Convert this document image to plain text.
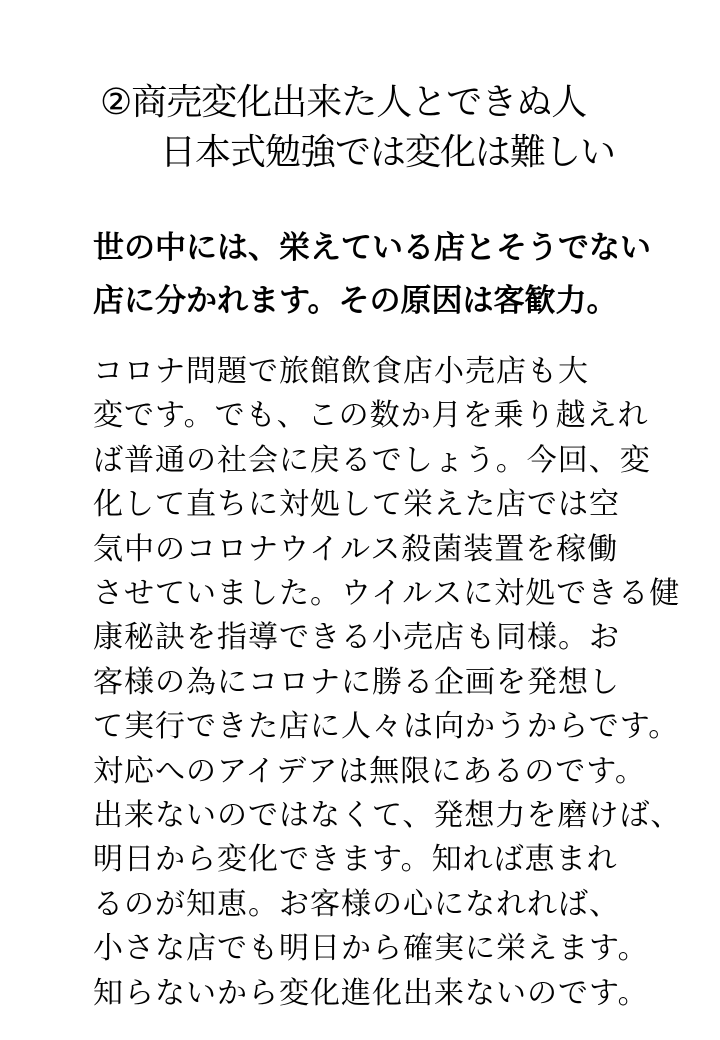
②商売変化出来た人とできぬ人
日本式勉強では変化は難しい
世の中には、栄えている店とそうでない
店に分かれます。その原因は客歓力。
コロナ問題で旅館飲食店小売店も大
変です。でも、この数か月を乗り越えれ
ば普通の社会に戻るでしょう。今回、変
化して直ちに対処して栄えた店では空
気中のコロナウイルス殺菌装置を稼働
させていました。ウイルスに対処できる健
康秘訣を指導できる小売店も同様。お
客様の為にコロナに勝る企画を発想し
て実行できた店に人々は向かうからです。
対応へのアイデアは無限にあるのです。
出来ないのではなくて、発想力を磨けば、
明日から変化できます。知れば恵まれ
るのが知恵。お客様の心になれれば、
小さな店でも明日から確実に栄えます。
知らないから変化進化出来ないのです。
